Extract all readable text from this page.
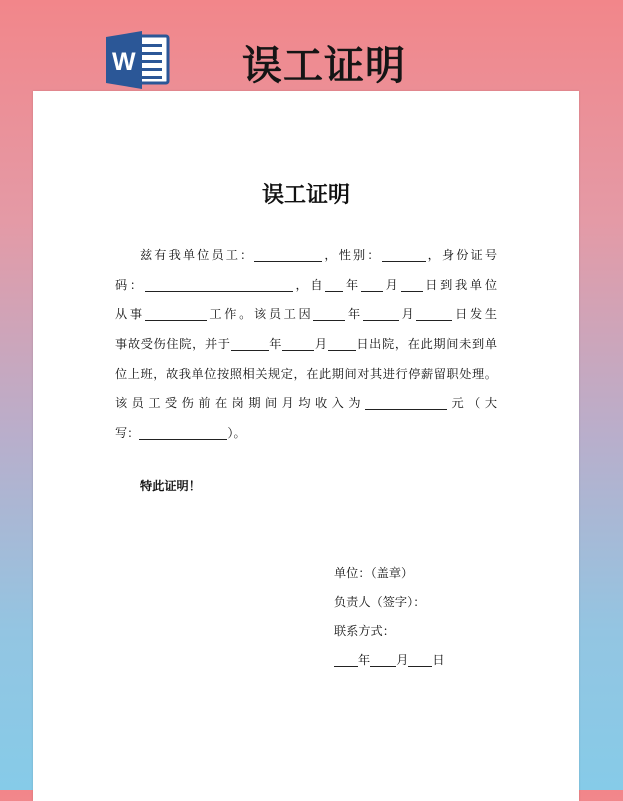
W	误工证明
误工证明
兹有我单位员工：	，性别：	，身份证号
码：	，自 年 月 日到我单位
从事	工作。该员工因	年	月	日发生
事故受伤住院，并于	年	月 日出院，在此期间未到单
位上班，故我单位按照相关规定，在此期间对其进行停薪留职处理。
该员工受伤前在岗期间月均收入为	元（大
写：	）。
特此证明！
单位：（盖章）
负责人（签字）：
联系方式：
年 月 日
